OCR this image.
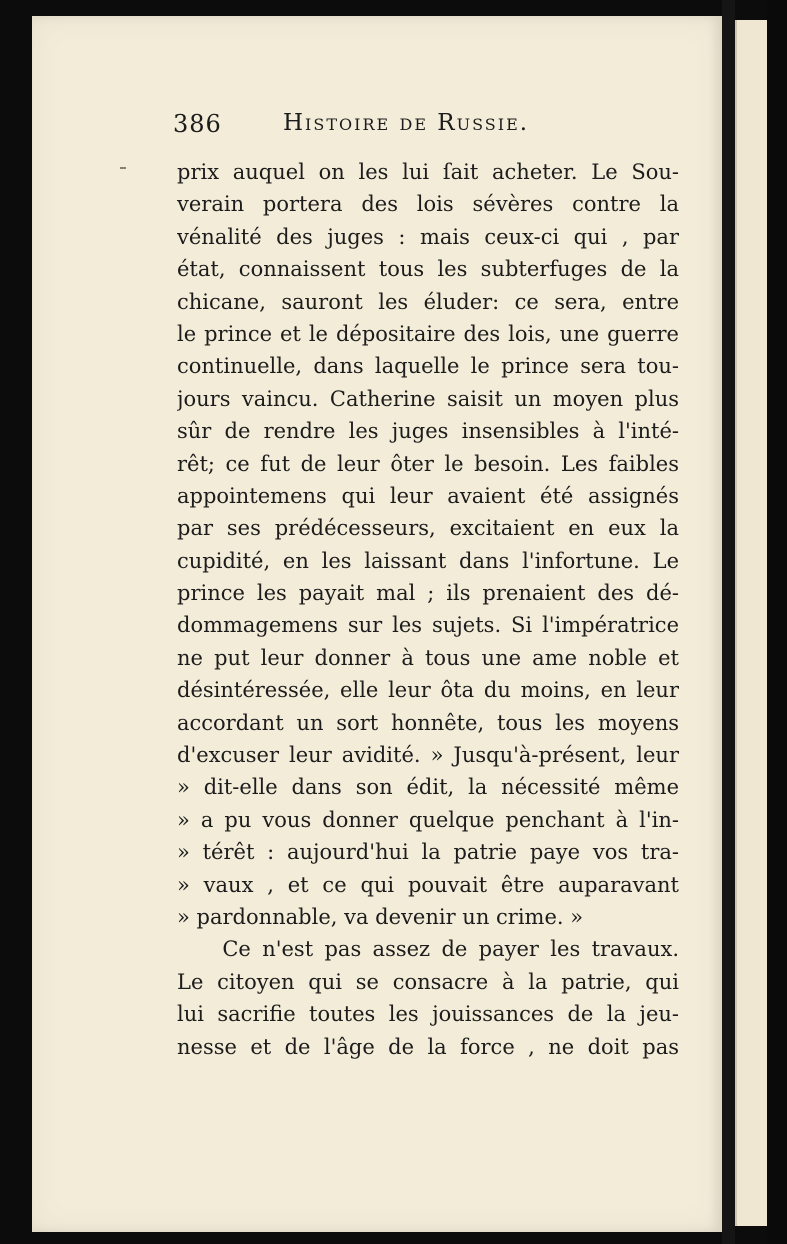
386	Histoire de Russie.
prix auquel on les lui ſait acheter. Le Sou-
verain portera des lois sévères contre la
vénalité des juges : mais ceux-ci qui , par
état, connaissent tous les subterfuges de la
chicane, sauront les éluder: ce sera, entre
le prince et le dépositaire des lois, une guerre
continuelle, dans laquelle le prince sera tou-
jours vaincu. Catherine saisit un moyen plus
sûr de rendre les juges insensibles à l'inté-
rêt; ce fut de leur ôter le besoin. Les faibles
appointemens qui leur avaient été assignés
par ses prédécesseurs, excitaient en eux la
cupidité, en les laissant dans l'infortune. Le
prince les payait mal ; ils prenaient des dé-
dommagemens sur les sujets. Si l'impératrice
ne put leur donner à tous une ame noble et
désintéressée, elle leur ôta du moins, en leur
accordant un sort honnête, tous les moyens
d'excuser leur avidité. » Jusqu'à-présent, leur
» dit-elle dans son édit, la nécessité même
» a pu vous donner quelque penchant à l'in-
» térêt : aujourd'hui la patrie paye vos tra-
» vaux , et ce qui pouvait être auparavant
» pardonnable, va devenir un crime. »
Ce n'est pas assez de payer les travaux.
Le citoyen qui se consacre à la patrie, qui
lui sacrifie toutes les jouissances de la jeu-
nesse et de l'âge de la force , ne doit pas
